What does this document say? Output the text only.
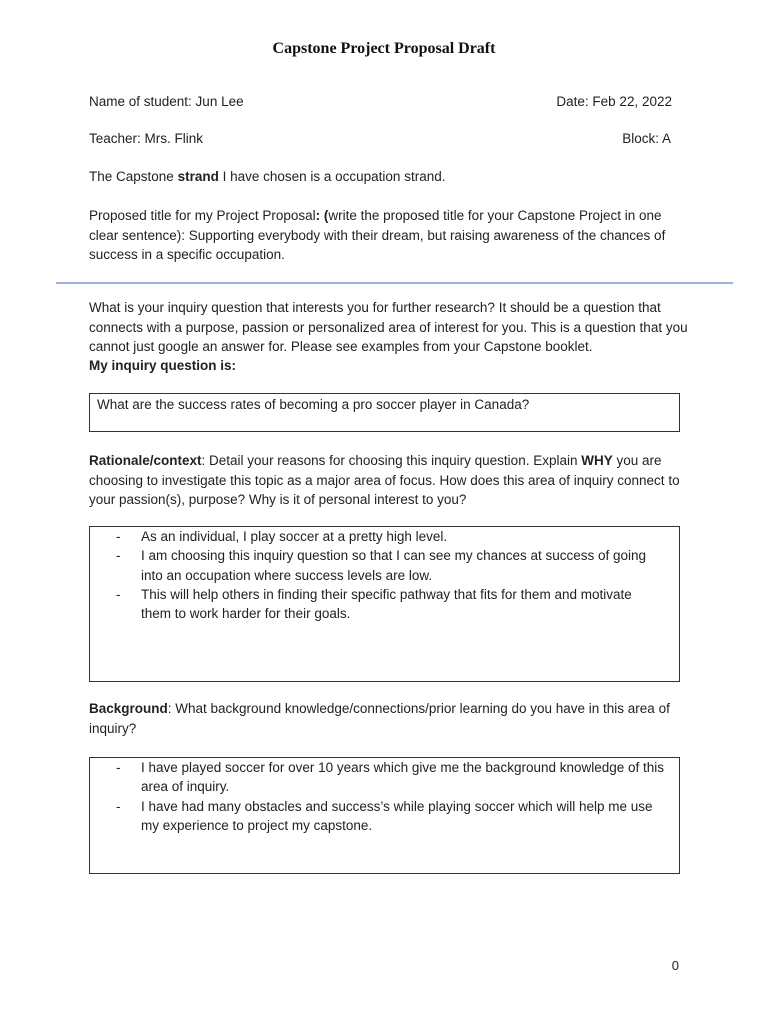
Capstone Project Proposal Draft
Name of student: Jun Lee	Date: Feb 22, 2022
Teacher: Mrs. Flink	Block: A
The Capstone strand I have chosen is a occupation strand.
Proposed title for my Project Proposal: (write the proposed title for your Capstone Project in one clear sentence): Supporting everybody with their dream, but raising awareness of the chances of success in a specific occupation.
What is your inquiry question that interests you for further research? It should be a question that connects with a purpose, passion or personalized area of interest for you. This is a question that you cannot just google an answer for. Please see examples from your Capstone booklet.
My inquiry question is:
What are the success rates of becoming a pro soccer player in Canada?
Rationale/context: Detail your reasons for choosing this inquiry question. Explain WHY you are choosing to investigate this topic as a major area of focus. How does this area of inquiry connect to your passion(s), purpose? Why is it of personal interest to you?
- As an individual, I play soccer at a pretty high level.
- I am choosing this inquiry question so that I can see my chances at success of going into an occupation where success levels are low.
- This will help others in finding their specific pathway that fits for them and motivate them to work harder for their goals.
Background: What background knowledge/connections/prior learning do you have in this area of inquiry?
- I have played soccer for over 10 years which give me the background knowledge of this area of inquiry.
- I have had many obstacles and success’s while playing soccer which will help me use my experience to project my capstone.
0
